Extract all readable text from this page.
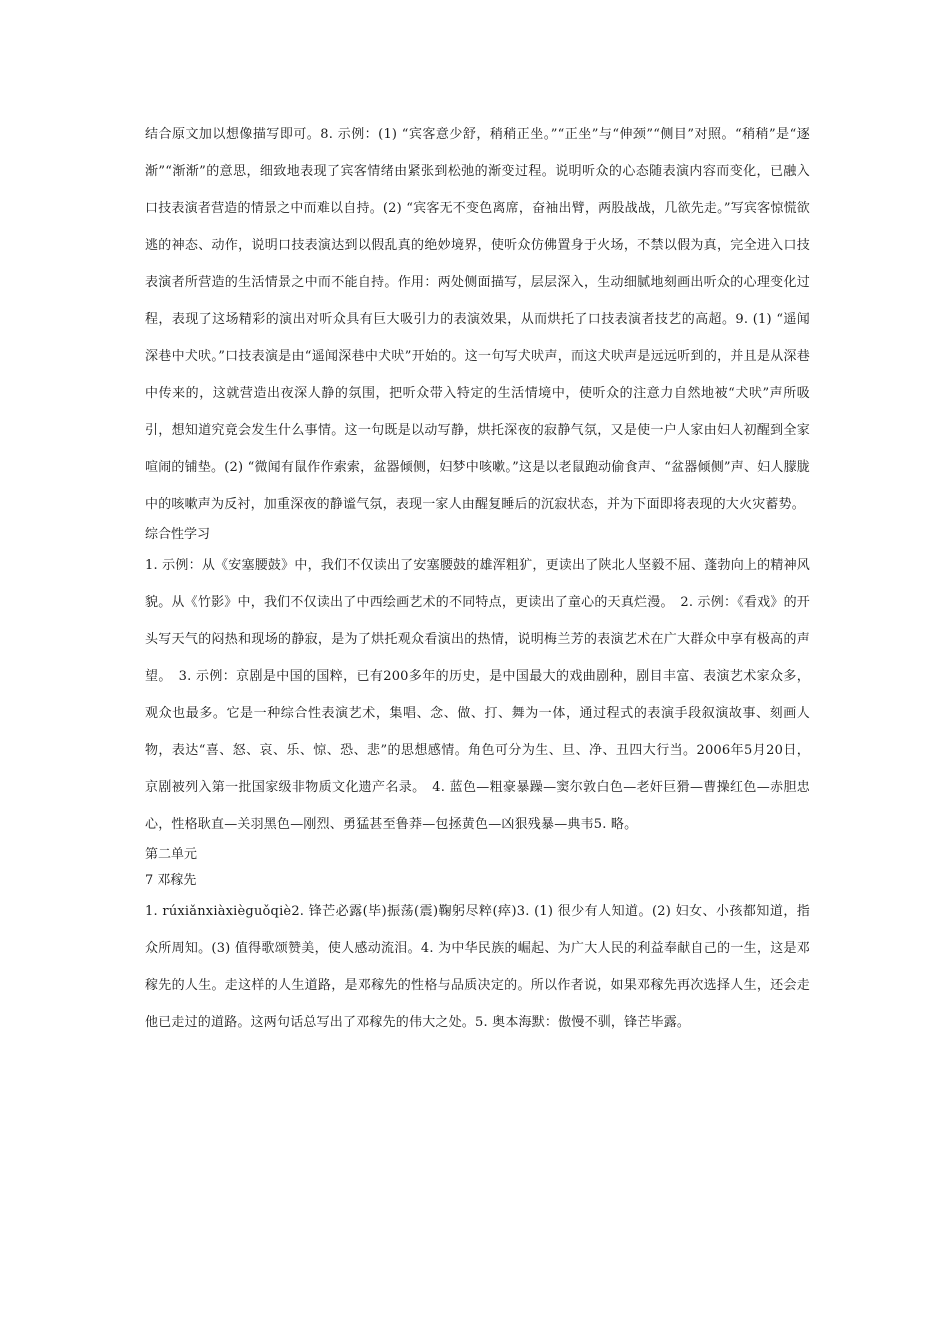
结合原文加以想像描写即可。8. 示例：(1) “宾客意少舒，稍稍正坐。”“正坐”与“伸颈”“侧目”对照。“稍稍”是“逐渐”“渐渐”的意思，细致地表现了宾客情绪由紧张到松弛的渐变过程。说明听众的心态随表演内容而变化，已融入口技表演者营造的情景之中而难以自持。(2) “宾客无不变色离席，奋袖出臂，两股战战，几欲先走。”写宾客惊慌欲逃的神态、动作，说明口技表演达到以假乱真的绝妙境界，使听众仿佛置身于火场，不禁以假为真，完全进入口技表演者所营造的生活情景之中而不能自持。作用：两处侧面描写，层层深入，生动细腻地刻画出听众的心理变化过程，表现了这场精彩的演出对听众具有巨大吸引力的表演效果，从而烘托了口技表演者技艺的高超。9. (1) “遥闻深巷中犬吠。”口技表演是由“遥闻深巷中犬吠”开始的。这一句写犬吠声，而这犬吠声是远远听到的，并且是从深巷中传来的，这就营造出夜深人静的氛围，把听众带入特定的生活情境中，使听众的注意力自然地被“犬吠”声所吸引，想知道究竟会发生什么事情。这一句既是以动写静，烘托深夜的寂静气氛，又是使一户人家由妇人初醒到全家喧闹的铺垫。(2) “微闻有鼠作作索索，盆器倾侧，妇梦中咳嗽。”这是以老鼠跑动偷食声、“盆器倾侧”声、妇人朦胧中的咳嗽声为反衬，加重深夜的静谧气氛，表现一家人由醒复睡后的沉寂状态，并为下面即将表现的大火灾蓄势。

综合性学习

1. 示例：从《安塞腰鼓》中，我们不仅读出了安塞腰鼓的雄浑粗犷，更读出了陕北人坚毅不屈、蓬勃向上的精神风貌。从《竹影》中，我们不仅读出了中西绘画艺术的不同特点，更读出了童心的天真烂漫。　2. 示例：《看戏》的开头写天气的闷热和现场的静寂，是为了烘托观众看演出的热情，说明梅兰芳的表演艺术在广大群众中享有极高的声望。　3. 示例：京剧是中国的国粹，已有200多年的历史，是中国最大的戏曲剧种，剧目丰富、表演艺术家众多，观众也最多。它是一种综合性表演艺术，集唱、念、做、打、舞为一体，通过程式的表演手段叙演故事、刻画人物，表达“喜、怒、哀、乐、惊、恐、悲”的思想感情。角色可分为生、旦、净、丑四大行当。2006年5月20日，京剧被列入第一批国家级非物质文化遗产名录。　4. 蓝色—粗豪暴躁—窦尔敦白色—老奸巨猾—曹操红色—赤胆忠心，性格耿直—关羽黑色—刚烈、勇猛甚至鲁莽—包拯黄色—凶狠残暴—典韦5. 略。

第二单元

7 邓稼先

1. rúxiǎnxiàxièguǒqiè2. 锋芒必露(毕)振荡(震)鞠躬尽粹(瘁)3. (1) 很少有人知道。(2) 妇女、小孩都知道，指众所周知。(3) 值得歌颂赞美，使人感动流泪。4. 为中华民族的崛起、为广大人民的利益奉献自己的一生，这是邓稼先的人生。走这样的人生道路，是邓稼先的性格与品质决定的。所以作者说，如果邓稼先再次选择人生，还会走他已走过的道路。这两句话总写出了邓稼先的伟大之处。5. 奥本海默：傲慢不驯，锋芒毕露。
